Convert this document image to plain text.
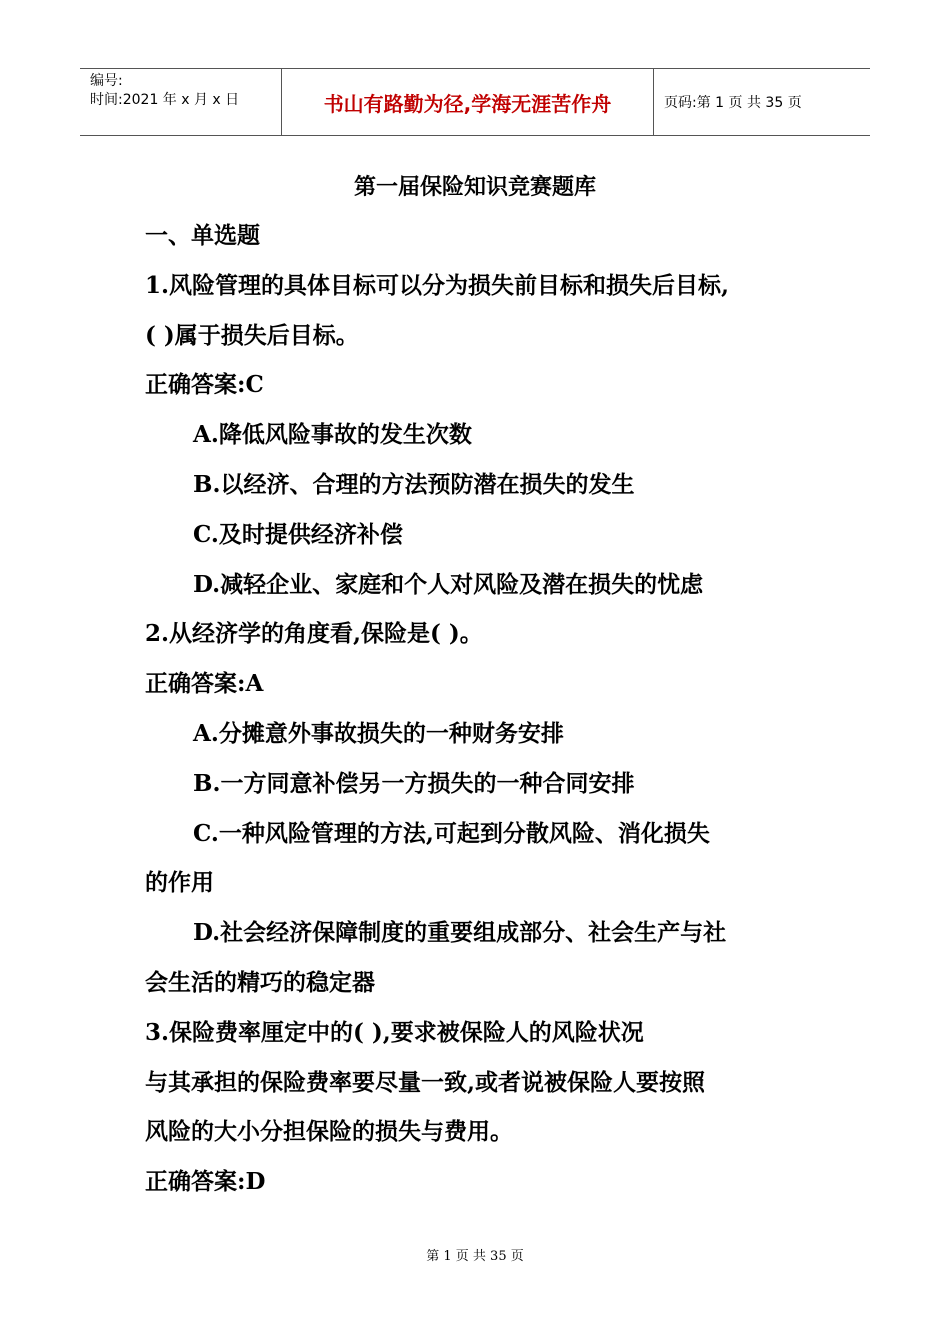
编号:
时间:2021 年 x 月 x 日	书山有路勤为径,学海无涯苦作舟	页码:第 1 页 共 35 页
第一届保险知识竞赛题库
一、单选题
1.风险管理的具体目标可以分为损失前目标和损失后目标,
( )属于损失后目标。
正确答案:C
A.降低风险事故的发生次数
B.以经济、合理的方法预防潜在损失的发生
C.及时提供经济补偿
D.减轻企业、家庭和个人对风险及潜在损失的忧虑
2.从经济学的角度看,保险是( )。
正确答案:A
A.分摊意外事故损失的一种财务安排
B.一方同意补偿另一方损失的一种合同安排
C.一种风险管理的方法,可起到分散风险、消化损失
的作用
D.社会经济保障制度的重要组成部分、社会生产与社
会生活的精巧的稳定器
3.保险费率厘定中的( ),要求被保险人的风险状况
与其承担的保险费率要尽量一致,或者说被保险人要按照
风险的大小分担保险的损失与费用。
正确答案:D
第 1 页 共 35 页
